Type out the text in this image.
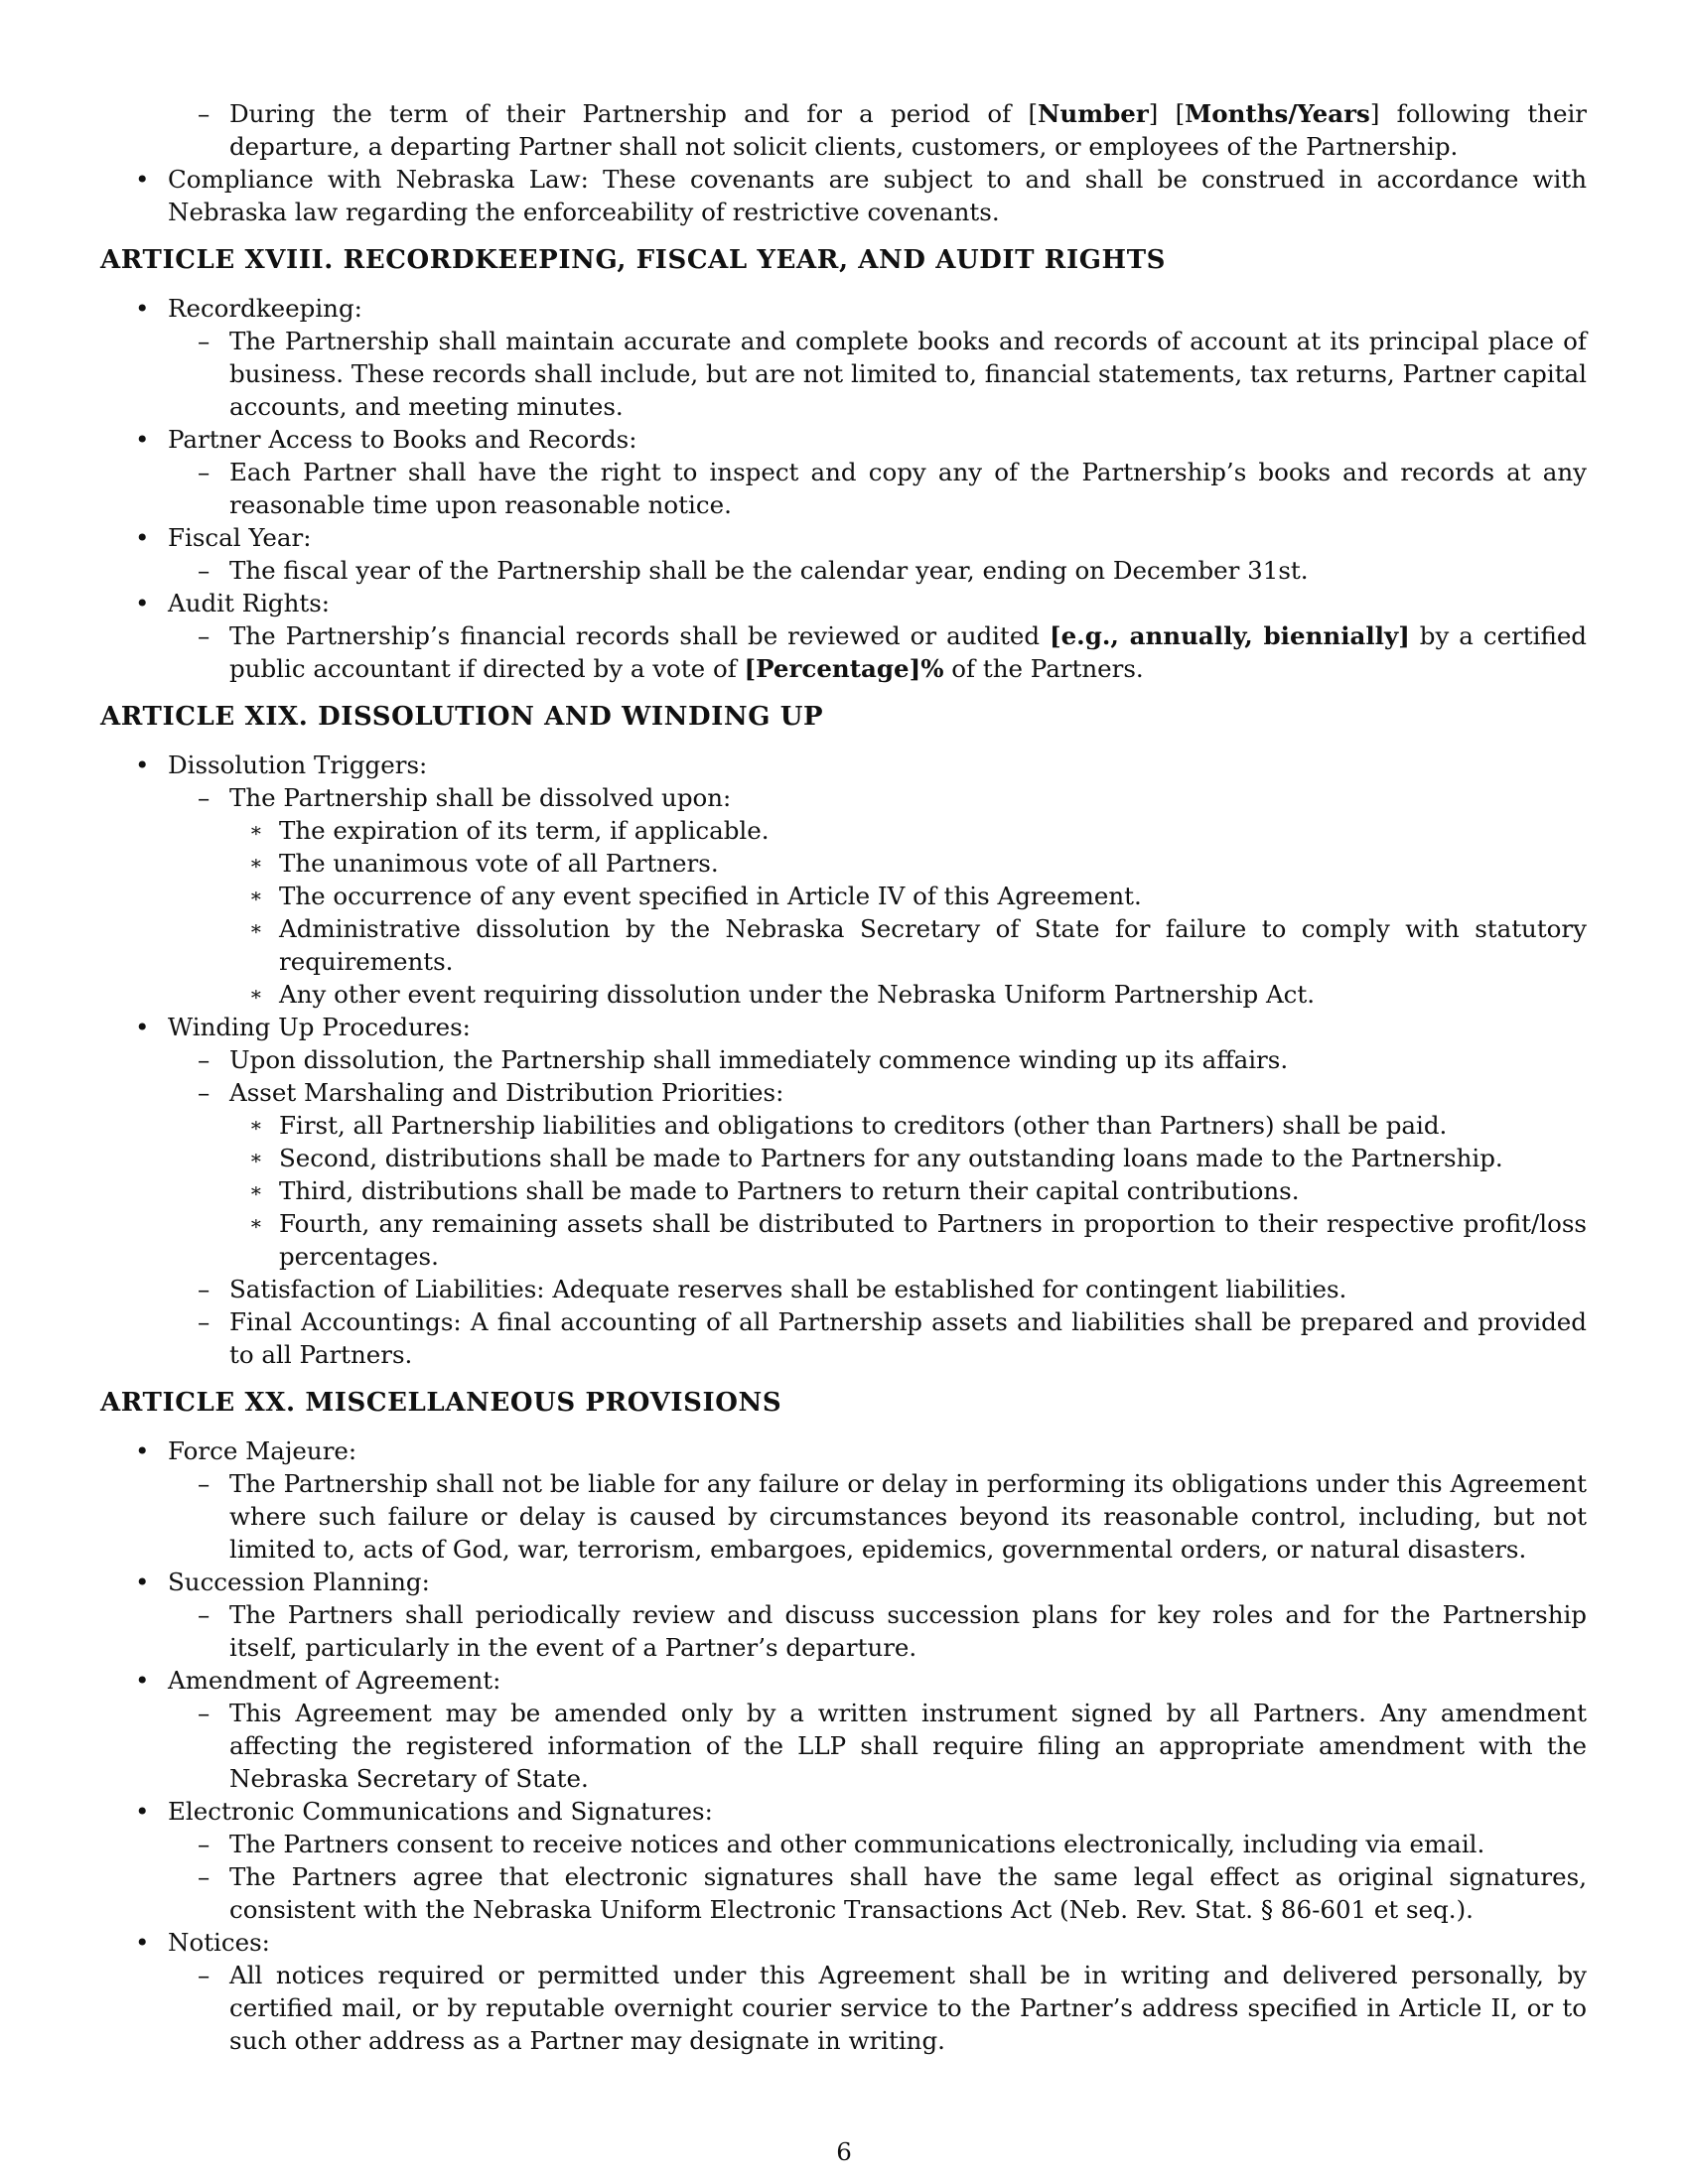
– During the term of their Partnership and for a period of [Number] [Months/Years] following their departure, a departing Partner shall not solicit clients, customers, or employees of the Partnership.
• Compliance with Nebraska Law: These covenants are subject to and shall be construed in accordance with Nebraska law regarding the enforceability of restrictive covenants.
ARTICLE XVIII. RECORDKEEPING, FISCAL YEAR, AND AUDIT RIGHTS
• Recordkeeping:
– The Partnership shall maintain accurate and complete books and records of account at its principal place of business. These records shall include, but are not limited to, financial statements, tax returns, Partner capital accounts, and meeting minutes.
• Partner Access to Books and Records:
– Each Partner shall have the right to inspect and copy any of the Partnership’s books and records at any reasonable time upon reasonable notice.
• Fiscal Year:
– The fiscal year of the Partnership shall be the calendar year, ending on December 31st.
• Audit Rights:
– The Partnership’s financial records shall be reviewed or audited [e.g., annually, biennially] by a certified public accountant if directed by a vote of [Percentage]% of the Partners.
ARTICLE XIX. DISSOLUTION AND WINDING UP
• Dissolution Triggers:
– The Partnership shall be dissolved upon:
∗ The expiration of its term, if applicable.
∗ The unanimous vote of all Partners.
∗ The occurrence of any event specified in Article IV of this Agreement.
∗ Administrative dissolution by the Nebraska Secretary of State for failure to comply with statutory requirements.
∗ Any other event requiring dissolution under the Nebraska Uniform Partnership Act.
• Winding Up Procedures:
– Upon dissolution, the Partnership shall immediately commence winding up its affairs.
– Asset Marshaling and Distribution Priorities:
∗ First, all Partnership liabilities and obligations to creditors (other than Partners) shall be paid.
∗ Second, distributions shall be made to Partners for any outstanding loans made to the Partnership.
∗ Third, distributions shall be made to Partners to return their capital contributions.
∗ Fourth, any remaining assets shall be distributed to Partners in proportion to their respective profit/loss percentages.
– Satisfaction of Liabilities: Adequate reserves shall be established for contingent liabilities.
– Final Accountings: A final accounting of all Partnership assets and liabilities shall be prepared and provided to all Partners.
ARTICLE XX. MISCELLANEOUS PROVISIONS
• Force Majeure:
– The Partnership shall not be liable for any failure or delay in performing its obligations under this Agreement where such failure or delay is caused by circumstances beyond its reasonable control, including, but not limited to, acts of God, war, terrorism, embargoes, epidemics, governmental orders, or natural disasters.
• Succession Planning:
– The Partners shall periodically review and discuss succession plans for key roles and for the Partnership itself, particularly in the event of a Partner’s departure.
• Amendment of Agreement:
– This Agreement may be amended only by a written instrument signed by all Partners. Any amendment affecting the registered information of the LLP shall require filing an appropriate amendment with the Nebraska Secretary of State.
• Electronic Communications and Signatures:
– The Partners consent to receive notices and other communications electronically, including via email.
– The Partners agree that electronic signatures shall have the same legal effect as original signatures, consistent with the Nebraska Uniform Electronic Transactions Act (Neb. Rev. Stat. § 86-601 et seq.).
• Notices:
– All notices required or permitted under this Agreement shall be in writing and delivered personally, by certified mail, or by reputable overnight courier service to the Partner’s address specified in Article II, or to such other address as a Partner may designate in writing.
6
